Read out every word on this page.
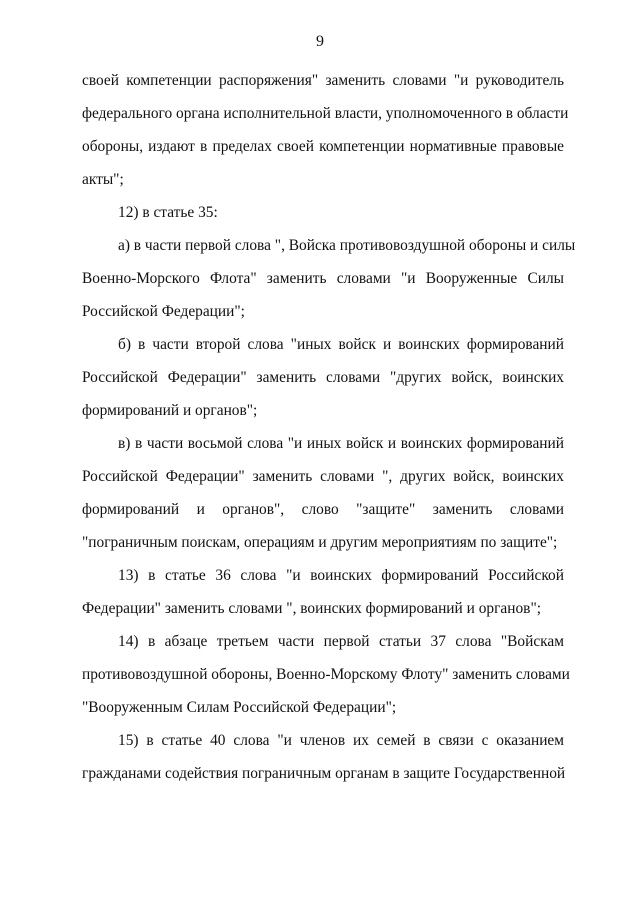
9
своей компетенции распоряжения" заменить словами "и руководитель
федерального органа исполнительной власти, уполномоченного в области
обороны, издают в пределах своей компетенции нормативные правовые
акты";
12) в статье 35:
а) в части первой слова ", Войска противовоздушной обороны и силы
Военно-Морского Флота" заменить словами "и Вооруженные Силы
Российской Федерации";
б) в части второй слова "иных войск и воинских формирований
Российской Федерации" заменить словами "других войск, воинских
формирований и органов";
в) в части восьмой слова "и иных войск и воинских формирований
Российской Федерации" заменить словами ", других войск, воинских
формирований и органов", слово "защите" заменить словами
"пограничным поискам, операциям и другим мероприятиям по защите";
13) в статье 36 слова "и воинских формирований Российской
Федерации" заменить словами ", воинских формирований и органов";
14) в абзаце третьем части первой статьи 37 слова "Войскам
противовоздушной обороны, Военно-Морскому Флоту" заменить словами
"Вооруженным Силам Российской Федерации";
15) в статье 40 слова "и членов их семей в связи с оказанием
гражданами содействия пограничным органам в защите Государственной
